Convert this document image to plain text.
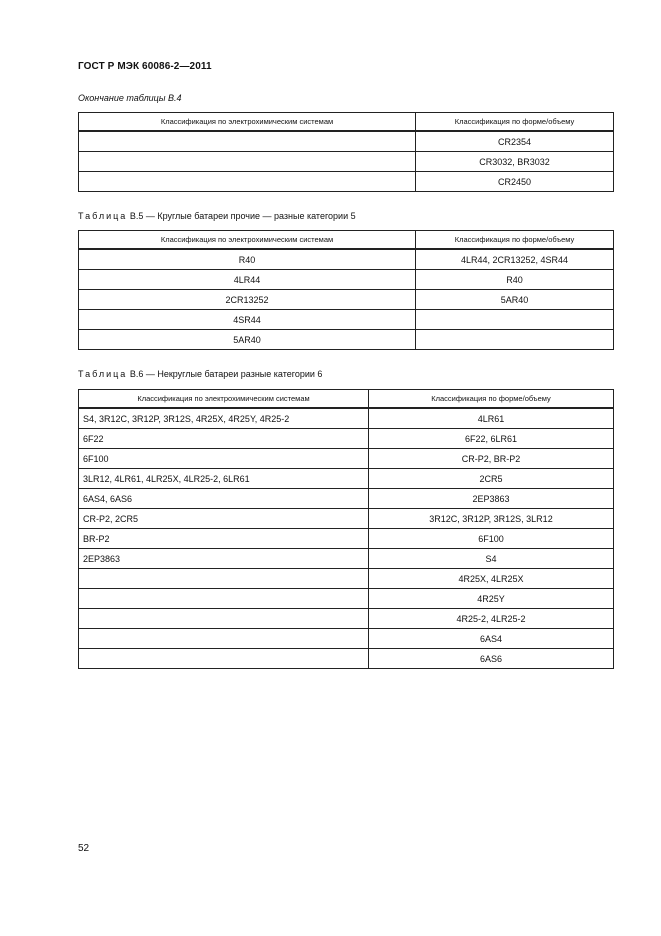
ГОСТ Р МЭК 60086-2—2011
Окончание таблицы В.4
Классификация по электрохимическим системам	Классификация по форме/объему
	CR2354
	CR3032, BR3032
	CR2450
Таблица В.5 — Круглые батареи прочие — разные категории 5
Классификация по электрохимическим системам	Классификация по форме/объему
R40	4LR44, 2CR13252, 4SR44
4LR44	R40
2CR13252	5AR40
4SR44	
5AR40	
Таблица В.6 — Некруглые батареи разные категории 6
Классификация по электрохимическим системам	Классификация по форме/объему
S4, 3R12C, 3R12P, 3R12S, 4R25X, 4R25Y, 4R25-2	4LR61
6F22	6F22, 6LR61
6F100	CR-P2, BR-P2
3LR12, 4LR61, 4LR25X, 4LR25-2, 6LR61	2CR5
6AS4, 6AS6	2EP3863
CR-P2, 2CR5	3R12C, 3R12P, 3R12S, 3LR12
BR-P2	6F100
2EP3863	S4
	4R25X, 4LR25X
	4R25Y
	4R25-2, 4LR25-2
	6AS4
	6AS6
52
